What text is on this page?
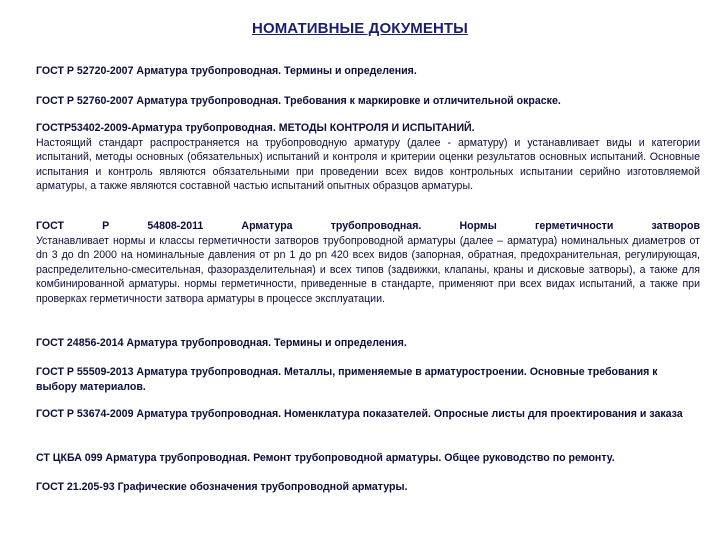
НОМАТИВНЫЕ ДОКУМЕНТЫ
ГОСТ Р 52720-2007 Арматура трубопроводная. Термины и определения.
ГОСТ Р 52760-2007 Арматура трубопроводная. Требования к маркировке и отличительной окраске.
ГОСТР53402-2009-Арматура трубопроводная. МЕТОДЫ КОНТРОЛЯ И ИСПЫТАНИЙ.
Настоящий стандарт распространяется на трубопроводную арматуру (далее - арматуру) и устанавливает виды и категории испытаний, методы основных (обязательных) испытаний и контроля и критерии оценки результатов основных испытаний. Основные испытания и контроль являются обязательными при проведении всех видов контрольных испытании серийно изготовляемой арматуры, а также являются составной частью испытаний опытных образцов арматуры.
ГОСТ Р 54808-2011 Арматура трубопроводная. Нормы герметичности затворов
Устанавливает нормы и классы герметичности затворов трубопроводной арматуры (далее – арматура) номинальных диаметров от dn 3 до dn 2000 на номинальные давления от pn 1 до pn 420 всех видов (запорная, обратная, предохранительная, регулирующая, распределительно-смесительная, фазоразделительная) и всех типов (задвижки, клапаны, краны и дисковые затворы), а также для комбинированной арматуры. нормы герметичности, приведенные в стандарте, применяют при всех видах испытаний, а также при проверках герметичности затвора арматуры в процессе эксплуатации.
ГОСТ 24856-2014 Арматура трубопроводная. Термины и определения.
ГОСТ Р 55509-2013 Арматура трубопроводная. Металлы, применяемые в арматуростроении. Основные требования к выбору материалов.
ГОСТ Р 53674-2009 Арматура трубопроводная. Номенклатура показателей. Опросные листы для проектирования и заказа
СТ ЦКБА 099 Арматура трубопроводная. Ремонт трубопроводной арматуры. Общее руководство по ремонту.
ГОСТ 21.205-93 Графические обозначения трубопроводной арматуры.
